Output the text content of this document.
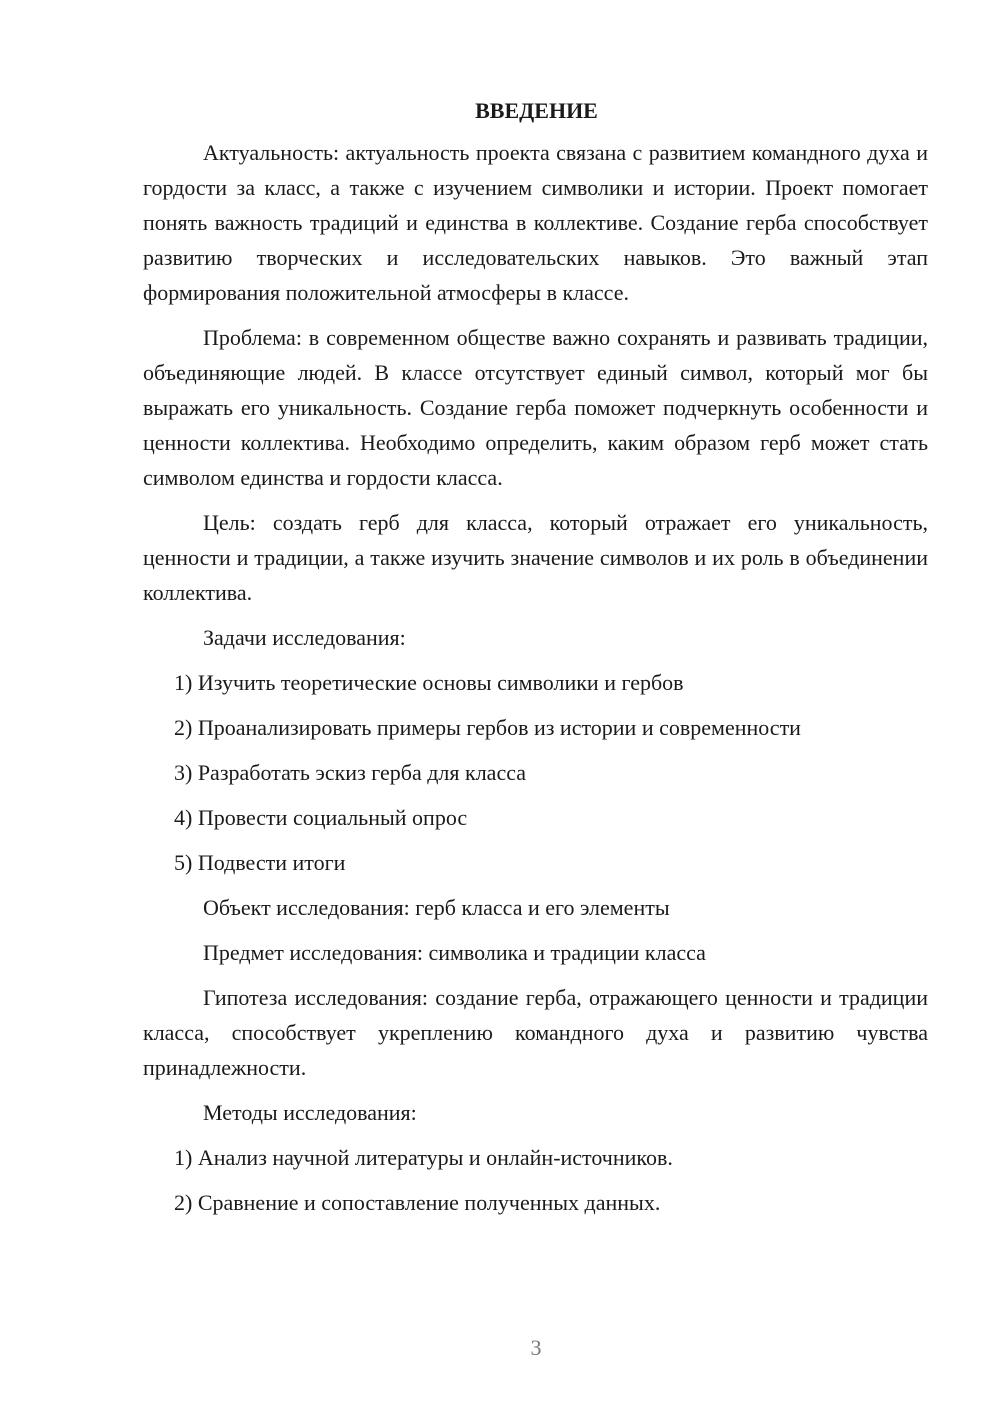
ВВЕДЕНИЕ

Актуальность: актуальность проекта связана с развитием командного духа и гордости за класс, а также с изучением символики и истории. Проект помогает понять важность традиций и единства в коллективе. Создание герба способствует развитию творческих и исследовательских навыков. Это важный этап формирования положительной атмосферы в классе.

Проблема: в современном обществе важно сохранять и развивать традиции, объединяющие людей. В классе отсутствует единый символ, который мог бы выражать его уникальность. Создание герба поможет подчеркнуть особенности и ценности коллектива. Необходимо определить, каким образом герб может стать символом единства и гордости класса.

Цель: создать герб для класса, который отражает его уникальность, ценности и традиции, а также изучить значение символов и их роль в объединении коллектива.

Задачи исследования:

1) Изучить теоретические основы символики и гербов

2) Проанализировать примеры гербов из истории и современности

3) Разработать эскиз герба для класса

4) Провести социальный опрос

5) Подвести итоги

Объект исследования: герб класса и его элементы

Предмет исследования: символика и традиции класса

Гипотеза исследования: создание герба, отражающего ценности и традиции класса, способствует укреплению командного духа и развитию чувства принадлежности.

Методы исследования:

1) Анализ научной литературы и онлайн-источников.

2) Сравнение и сопоставление полученных данных.

3
